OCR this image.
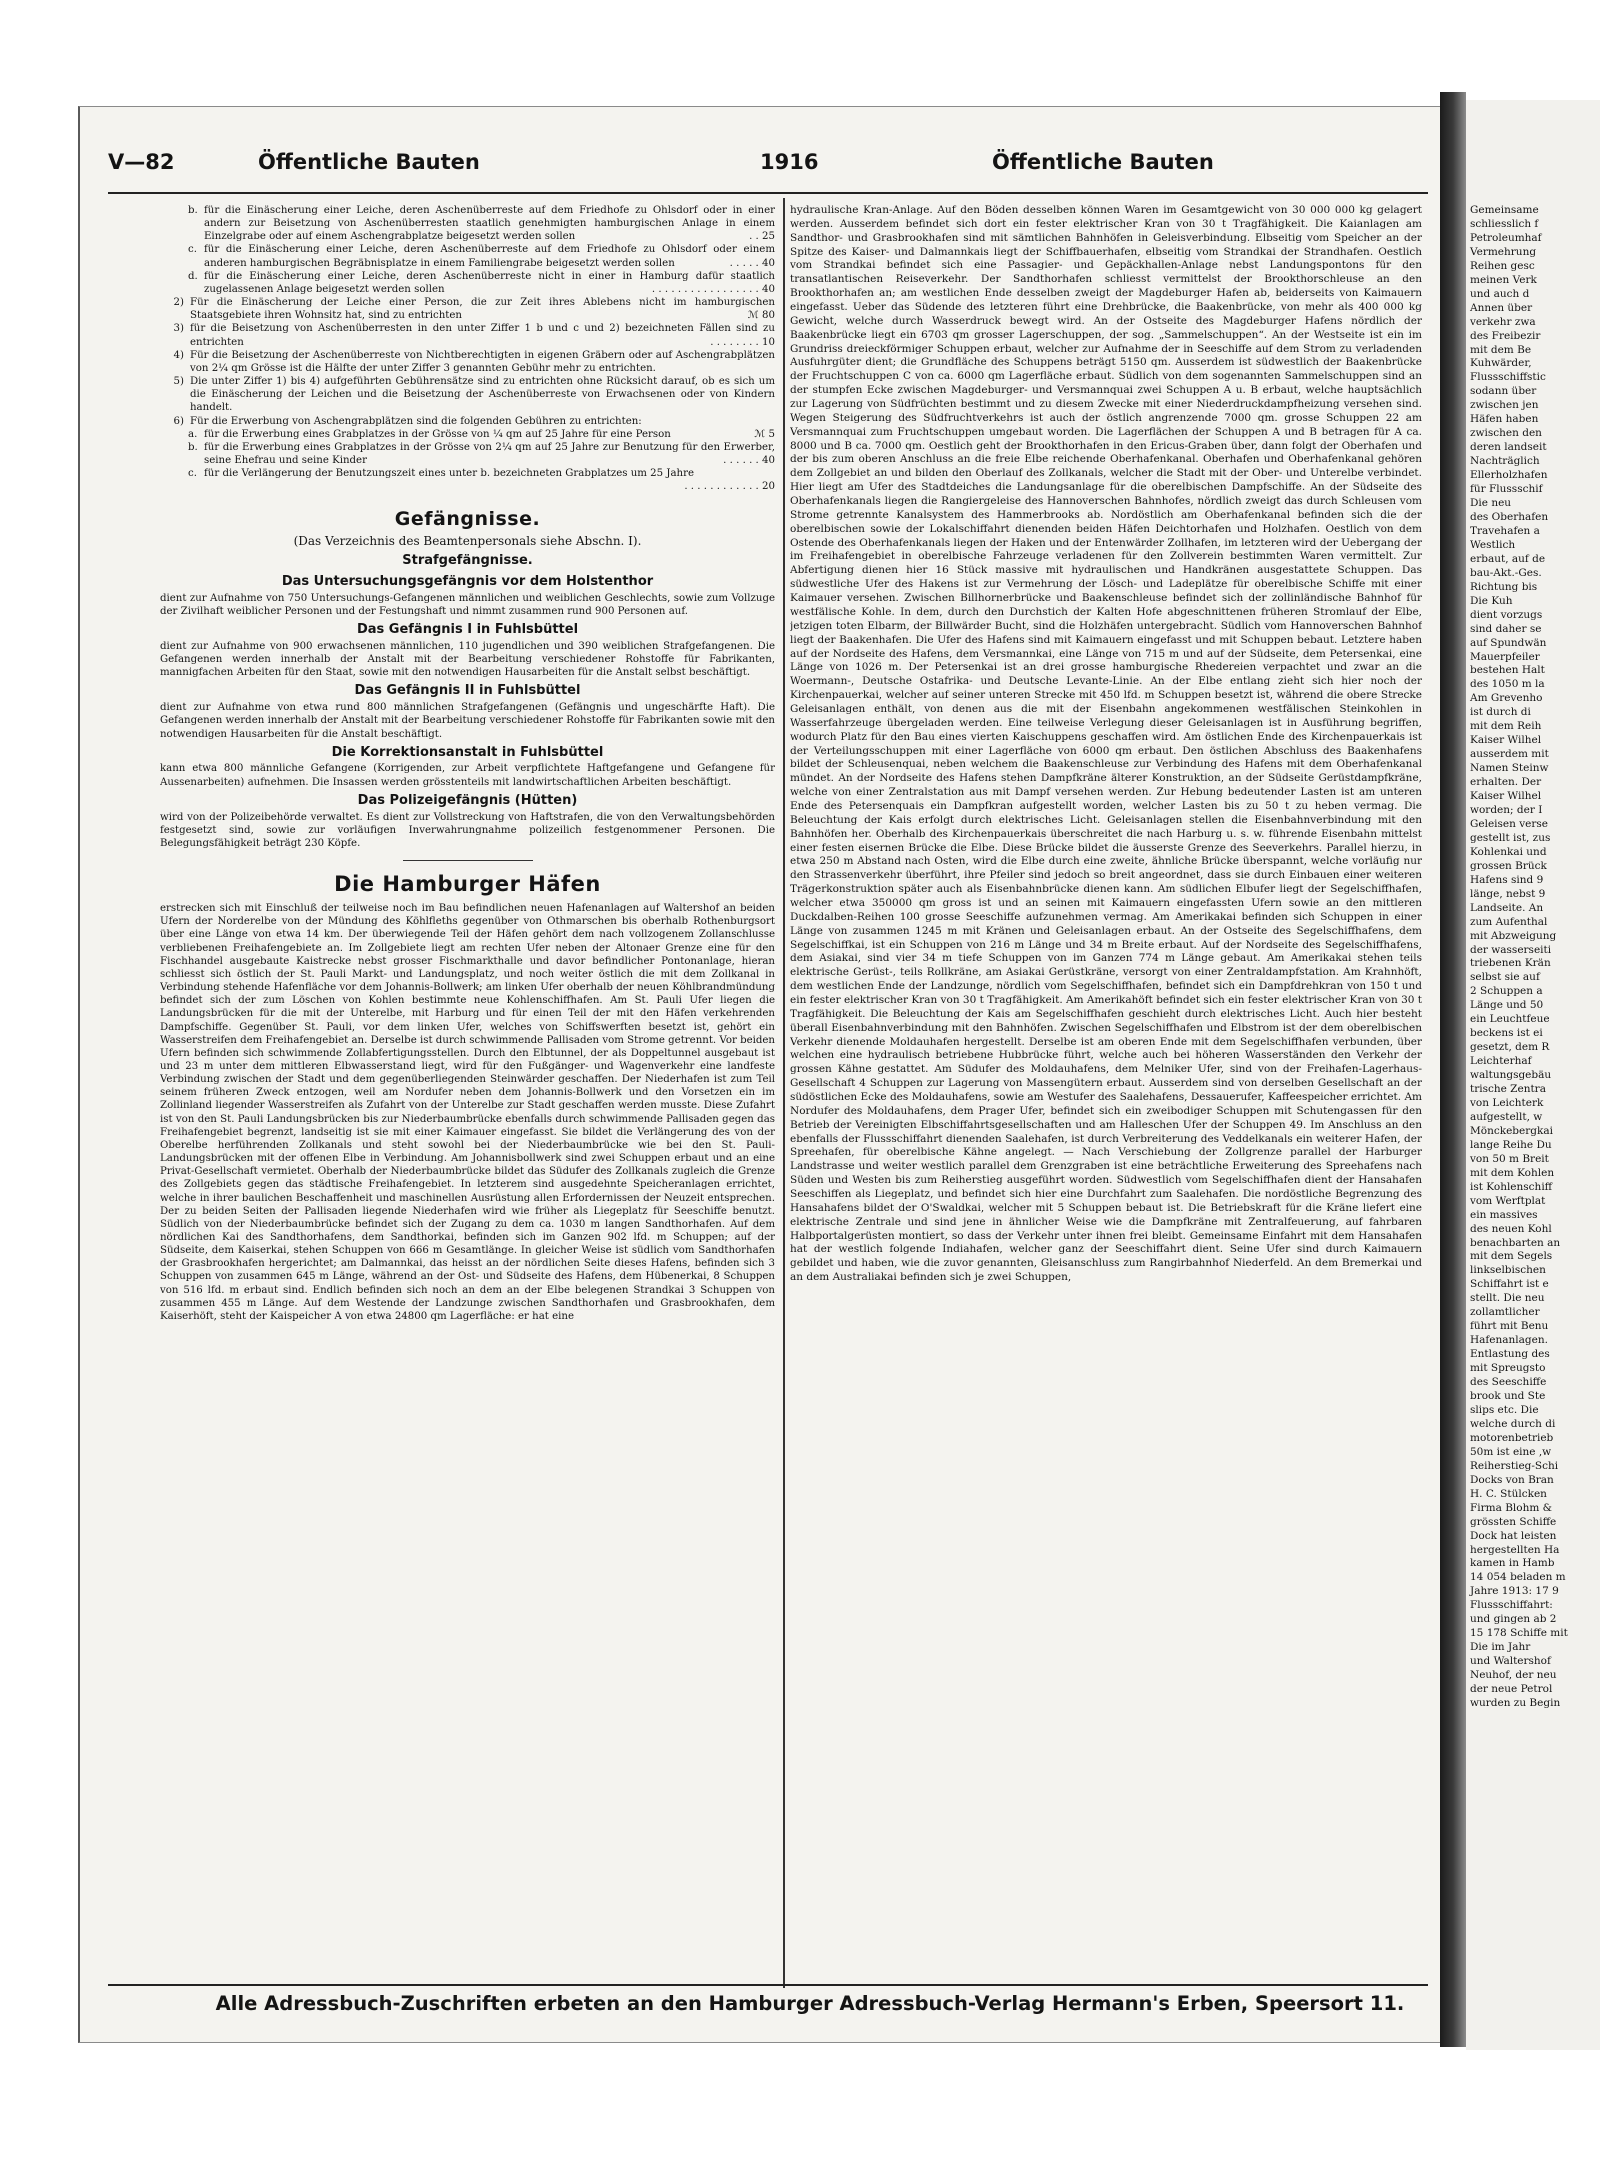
Gemeinsame

schliesslich f

Petroleumhaf

Vermehrung

Reihen gesc

meinen Verk

und auch d

Annen über

verkehr zwa

des Freibezir

mit dem Be

Kuhwärder,

Flussschiffstic

sodann über

zwischen jen

Häfen haben

zwischen den

deren landseit

Nachträglich

Ellerholzhafen

für Flussschif

Die neu

des Oberhafen

Travehafen a

Westlich

erbaut, auf de

bau-Akt.-Ges.

Richtung bis

Die Kuh

dient vorzugs

sind daher se

auf Spundwän

Mauerpfeiler

bestehen Halt

des 1050 m la

Am Grevenho

ist durch di

mit dem Reih

Kaiser Wilhel

ausserdem mit

Namen Steinw

erhalten. Der

Kaiser Wilhel

worden; der I

Geleisen verse

gestellt ist, zus

Kohlenkai und

grossen Brück

Hafens sind 9

länge, nebst 9

Landseite. An

zum Aufenthal

mit Abzweigung

der wasserseiti

triebenen Krän

selbst sie auf

2 Schuppen a

Länge und 50

ein Leuchtfeue

beckens ist ei

gesetzt, dem R

Leichterhaf

waltungsgebäu

trische Zentra

von Leichterk

aufgestellt, w

Mönckebergkai

lange Reihe Du

von 50 m Breit

mit dem Kohlen

ist Kohlenschiff

vom Werftplat

ein massives

des neuen Kohl

benachbarten an

mit dem Segels

linkselbischen

Schiffahrt ist e

stellt. Die neu

zollamtlicher

führt mit Benu

Hafenanlagen.

Entlastung des

mit Spreugsto

des Seeschiffe

brook und Ste

slips etc. Die

welche durch di

motorenbetrieb

50m ist eine ,w

Reiherstieg-Schi

Docks von Bran

H. C. Stülcken

Firma Blohm &

grössten Schiffe

Dock hat leisten

hergestellten Ha

kamen in Hamb

14 054 beladen m

Jahre 1913: 17 9

Flussschiffahrt:

und gingen ab 2

15 178 Schiffe mit

Die im Jahr

und Waltershof

Neuhof, der neu

der neue Petrol

wurden zu Begin

V—82	Öffentliche Bauten	1916	Öffentliche Bauten
b. für die Einäscherung einer Leiche, deren Aschenüberreste auf dem Friedhofe zu Ohlsdorf oder in einer andern zur Beisetzung von Aschenüberresten staatlich genehmigten hamburgischen Anlage in einem Einzelgrabe oder auf einem Aschengrabplatze beigesetzt werden sollen	. . 25
c. für die Einäscherung einer Leiche, deren Aschenüberreste auf dem Friedhofe zu Ohlsdorf oder einem anderen hamburgischen Begräbnisplatze in einem Familiengrabe beigesetzt werden sollen	. . . . . 40
d. für die Einäscherung einer Leiche, deren Aschenüberreste nicht in einer in Hamburg dafür staatlich zugelassenen Anlage beigesetzt werden sollen	. . . . . . . . . . . . . . . . . 40
2) Für die Einäscherung der Leiche einer Person, die zur Zeit ihres Ablebens nicht im hamburgischen Staatsgebiete ihren Wohnsitz hat, sind zu entrichten	ℳ 80
3) für die Beisetzung von Aschenüberresten in den unter Ziffer 1 b und c und 2) bezeichneten Fällen sind zu entrichten	. . . . . . . . 10
4) Für die Beisetzung der Aschenüberreste von Nichtberechtigten in eigenen Gräbern oder auf Aschengrabplätzen von 2¼ qm Grösse ist die Hälfte der unter Ziffer 3 genannten Gebühr mehr zu entrichten.
5) Die unter Ziffer 1) bis 4) aufgeführten Gebührensätze sind zu entrichten ohne Rücksicht darauf, ob es sich um die Einäscherung der Leichen und die Beisetzung der Aschenüberreste von Erwachsenen oder von Kindern handelt.
6) Für die Erwerbung von Aschengrabplätzen sind die folgenden Gebühren zu entrichten:
a. für die Erwerbung eines Grabplatzes in der Grösse von ¼ qm auf 25 Jahre für eine Person	ℳ 5
b. für die Erwerbung eines Grabplatzes in der Grösse von 2¼ qm auf 25 Jahre zur Benutzung für den Erwerber, seine Ehefrau und seine Kinder	. . . . . . 40
c. für die Verlängerung der Benutzungszeit eines unter b. bezeichneten Grabplatzes um 25 Jahre
. . . . . . . . . . . . 20
Gefängnisse.
(Das Verzeichnis des Beamtenpersonals siehe Abschn. I).
Strafgefängnisse.
Das Untersuchungsgefängnis vor dem Holstenthor

dient zur Aufnahme von 750 Untersuchungs-Gefangenen männlichen und weiblichen Geschlechts, sowie zum Vollzuge der Zivilhaft weiblicher Personen und der Festungshaft und nimmt zusammen rund 900 Personen auf.

Das Gefängnis I in Fuhlsbüttel

dient zur Aufnahme von 900 erwachsenen männlichen, 110 jugendlichen und 390 weiblichen Strafgefangenen. Die Gefangenen werden innerhalb der Anstalt mit der Bearbeitung verschiedener Rohstoffe für Fabrikanten, mannigfachen Arbeiten für den Staat, sowie mit den notwendigen Hausarbeiten für die Anstalt selbst beschäftigt.

Das Gefängnis II in Fuhlsbüttel

dient zur Aufnahme von etwa rund 800 männlichen Strafgefangenen (Gefängnis und ungeschärfte Haft). Die Gefangenen werden innerhalb der Anstalt mit der Bearbeitung verschiedener Rohstoffe für Fabrikanten sowie mit den notwendigen Hausarbeiten für die Anstalt beschäftigt.

Die Korrektionsanstalt in Fuhlsbüttel

kann etwa 800 männliche Gefangene (Korrigenden, zur Arbeit verpflichtete Haftgefangene und Gefangene für Aussenarbeiten) aufnehmen. Die Insassen werden grösstenteils mit landwirtschaftlichen Arbeiten beschäftigt.

Das Polizeigefängnis (Hütten)

wird von der Polizeibehörde verwaltet. Es dient zur Vollstreckung von Haftstrafen, die von den Verwaltungsbehörden festgesetzt sind, sowie zur vorläufigen Inverwahrungnahme polizeilich festgenommener Personen. Die Belegungsfähigkeit beträgt 230 Köpfe.

Die Hamburger Häfen

erstrecken sich mit Einschluß der teilweise noch im Bau befindlichen neuen Hafenanlagen auf Waltershof an beiden Ufern der Norderelbe von der Mündung des Köhlfleths gegenüber von Othmarschen bis oberhalb Rothenburgsort über eine Länge von etwa 14 km. Der überwiegende Teil der Häfen gehört dem nach vollzogenem Zollanschlusse verbliebenen Freihafengebiete an. Im Zollgebiete liegt am rechten Ufer neben der Altonaer Grenze eine für den Fischhandel ausgebaute Kaistrecke nebst grosser Fischmarkthalle und davor befindlicher Pontonanlage, hieran schliesst sich östlich der St. Pauli Markt- und Landungsplatz, und noch weiter östlich die mit dem Zollkanal in Verbindung stehende Hafenfläche vor dem Johannis-Bollwerk; am linken Ufer oberhalb der neuen Köhlbrandmündung befindet sich der zum Löschen von Kohlen bestimmte neue Kohlenschiffhafen. Am St. Pauli Ufer liegen die Landungsbrücken für die mit der Unterelbe, mit Harburg und für einen Teil der mit den Häfen verkehrenden Dampfschiffe. Gegenüber St. Pauli, vor dem linken Ufer, welches von Schiffswerften besetzt ist, gehört ein Wasserstreifen dem Freihafengebiet an. Derselbe ist durch schwimmende Pallisaden vom Strome getrennt. Vor beiden Ufern befinden sich schwimmende Zollabfertigungsstellen. Durch den Elbtunnel, der als Doppeltunnel ausgebaut ist und 23 m unter dem mittleren Elbwasserstand liegt, wird für den Fußgänger- und Wagenverkehr eine landfeste Verbindung zwischen der Stadt und dem gegenüberliegenden Steinwärder geschaffen. Der Niederhafen ist zum Teil seinem früheren Zweck entzogen, weil am Nordufer neben dem Johannis-Bollwerk und den Vorsetzen ein im Zollinland liegender Wasserstreifen als Zufahrt von der Unterelbe zur Stadt geschaffen werden musste. Diese Zufahrt ist von den St. Pauli Landungsbrücken bis zur Niederbaumbrücke ebenfalls durch schwimmende Pallisaden gegen das Freihafengebiet begrenzt, landseitig ist sie mit einer Kaimauer eingefasst. Sie bildet die Verlängerung des von der Oberelbe herführenden Zollkanals und steht sowohl bei der Niederbaumbrücke wie bei den St. Pauli-Landungsbrücken mit der offenen Elbe in Verbindung. Am Johannisbollwerk sind zwei Schuppen erbaut und an eine Privat-Gesellschaft vermietet. Oberhalb der Niederbaumbrücke bildet das Südufer des Zollkanals zugleich die Grenze des Zollgebiets gegen das städtische Freihafengebiet. In letzterem sind ausgedehnte Speicheranlagen errichtet, welche in ihrer baulichen Beschaffenheit und maschinellen Ausrüstung allen Erfordernissen der Neuzeit entsprechen. Der zu beiden Seiten der Pallisaden liegende Niederhafen wird wie früher als Liegeplatz für Seeschiffe benutzt. Südlich von der Niederbaumbrücke befindet sich der Zugang zu dem ca. 1030 m langen Sandthorhafen. Auf dem nördlichen Kai des Sandthorhafens, dem Sandthorkai, befinden sich im Ganzen 902 lfd. m Schuppen; auf der Südseite, dem Kaiserkai, stehen Schuppen von 666 m Gesamtlänge. In gleicher Weise ist südlich vom Sandthorhafen der Grasbrookhafen hergerichtet; am Dalmannkai, das heisst an der nördlichen Seite dieses Hafens, befinden sich 3 Schuppen von zusammen 645 m Länge, während an der Ost- und Südseite des Hafens, dem Hübenerkai, 8 Schuppen von 516 lfd. m erbaut sind. Endlich befinden sich noch an dem an der Elbe belegenen Strandkai 3 Schuppen von zusammen 455 m Länge. Auf dem Westende der Landzunge zwischen Sandthorhafen und Grasbrookhafen, dem Kaiserhöft, steht der Kaispeicher A von etwa 24800 qm Lagerfläche: er hat eine

hydraulische Kran-Anlage. Auf den Böden desselben können Waren im Gesamtgewicht von 30 000 000 kg gelagert werden. Ausserdem befindet sich dort ein fester elektrischer Kran von 30 t Tragfähigkeit. Die Kaianlagen am Sandthor- und Grasbrookhafen sind mit sämtlichen Bahnhöfen in Geleisverbindung. Elbseitig vom Speicher an der Spitze des Kaiser- und Dalmannkais liegt der Schiffbauerhafen, elbseitig vom Strandkai der Strandhafen. Oestlich vom Strandkai befindet sich eine Passagier- und Gepäckhallen-Anlage nebst Landungspontons für den transatlantischen Reiseverkehr. Der Sandthorhafen schliesst vermittelst der Brookthorschleuse an den Brookthorhafen an; am westlichen Ende desselben zweigt der Magdeburger Hafen ab, beiderseits von Kaimauern eingefasst. Ueber das Südende des letzteren führt eine Drehbrücke, die Baakenbrücke, von mehr als 400 000 kg Gewicht, welche durch Wasserdruck bewegt wird. An der Ostseite des Magdeburger Hafens nördlich der Baakenbrücke liegt ein 6703 qm grosser Lagerschuppen, der sog. „Sammelschuppen“. An der Westseite ist ein im Grundriss dreieckförmiger Schuppen erbaut, welcher zur Aufnahme der in Seeschiffe auf dem Strom zu verladenden Ausfuhrgüter dient; die Grundfläche des Schuppens beträgt 5150 qm. Ausserdem ist südwestlich der Baakenbrücke der Fruchtschuppen C von ca. 6000 qm Lagerfläche erbaut. Südlich von dem sogenannten Sammelschuppen sind an der stumpfen Ecke zwischen Magdeburger- und Versmannquai zwei Schuppen A u. B erbaut, welche hauptsächlich zur Lagerung von Südfrüchten bestimmt und zu diesem Zwecke mit einer Niederdruckdampfheizung versehen sind. Wegen Steigerung des Südfruchtverkehrs ist auch der östlich angrenzende 7000 qm. grosse Schuppen 22 am Versmannquai zum Fruchtschuppen umgebaut worden. Die Lagerflächen der Schuppen A und B betragen für A ca. 8000 und B ca. 7000 qm. Oestlich geht der Brookthorhafen in den Ericus-Graben über, dann folgt der Oberhafen und der bis zum oberen Anschluss an die freie Elbe reichende Oberhafenkanal. Oberhafen und Oberhafenkanal gehören dem Zollgebiet an und bilden den Oberlauf des Zollkanals, welcher die Stadt mit der Ober- und Unterelbe verbindet. Hier liegt am Ufer des Stadtdeiches die Landungsanlage für die oberelbischen Dampfschiffe. An der Südseite des Oberhafenkanals liegen die Rangiergeleise des Hannoverschen Bahnhofes, nördlich zweigt das durch Schleusen vom Strome getrennte Kanalsystem des Hammerbrooks ab. Nordöstlich am Oberhafenkanal befinden sich die der oberelbischen sowie der Lokalschiffahrt dienenden beiden Häfen Deichtorhafen und Holzhafen. Oestlich von dem Ostende des Oberhafenkanals liegen der Haken und der Entenwärder Zollhafen, im letzteren wird der Uebergang der im Freihafengebiet in oberelbische Fahrzeuge verladenen für den Zollverein bestimmten Waren vermittelt. Zur Abfertigung dienen hier 16 Stück massive mit hydraulischen und Handkränen ausgestattete Schuppen. Das südwestliche Ufer des Hakens ist zur Vermehrung der Lösch- und Ladeplätze für oberelbische Schiffe mit einer Kaimauer versehen. Zwischen Billhornerbrücke und Baakenschleuse befindet sich der zollinländische Bahnhof für westfälische Kohle. In dem, durch den Durchstich der Kalten Hofe abgeschnittenen früheren Stromlauf der Elbe, jetzigen toten Elbarm, der Billwärder Bucht, sind die Holzhäfen untergebracht. Südlich vom Hannoverschen Bahnhof liegt der Baakenhafen. Die Ufer des Hafens sind mit Kaimauern eingefasst und mit Schuppen bebaut. Letztere haben auf der Nordseite des Hafens, dem Versmannkai, eine Länge von 715 m und auf der Südseite, dem Petersenkai, eine Länge von 1026 m. Der Petersenkai ist an drei grosse hamburgische Rhedereien verpachtet und zwar an die Woermann-, Deutsche Ostafrika- und Deutsche Levante-Linie. An der Elbe entlang zieht sich hier noch der Kirchenpauerkai, welcher auf seiner unteren Strecke mit 450 lfd. m Schuppen besetzt ist, während die obere Strecke Geleisanlagen enthält, von denen aus die mit der Eisenbahn angekommenen westfälischen Steinkohlen in Wasserfahrzeuge übergeladen werden. Eine teilweise Verlegung dieser Geleisanlagen ist in Ausführung begriffen, wodurch Platz für den Bau eines vierten Kaischuppens geschaffen wird. Am östlichen Ende des Kirchenpauerkais ist der Verteilungsschuppen mit einer Lagerfläche von 6000 qm erbaut. Den östlichen Abschluss des Baakenhafens bildet der Schleusenquai, neben welchem die Baakenschleuse zur Verbindung des Hafens mit dem Oberhafenkanal mündet. An der Nordseite des Hafens stehen Dampfkräne älterer Konstruktion, an der Südseite Gerüstdampfkräne, welche von einer Zentralstation aus mit Dampf versehen werden. Zur Hebung bedeutender Lasten ist am unteren Ende des Petersenquais ein Dampfkran aufgestellt worden, welcher Lasten bis zu 50 t zu heben vermag. Die Beleuchtung der Kais erfolgt durch elektrisches Licht. Geleisanlagen stellen die Eisenbahnverbindung mit den Bahnhöfen her. Oberhalb des Kirchenpauerkais überschreitet die nach Harburg u. s. w. führende Eisenbahn mittelst einer festen eisernen Brücke die Elbe. Diese Brücke bildet die äusserste Grenze des Seeverkehrs. Parallel hierzu, in etwa 250 m Abstand nach Osten, wird die Elbe durch eine zweite, ähnliche Brücke überspannt, welche vorläufig nur den Strassenverkehr überführt, ihre Pfeiler sind jedoch so breit angeordnet, dass sie durch Einbauen einer weiteren Trägerkonstruktion später auch als Eisenbahnbrücke dienen kann. Am südlichen Elbufer liegt der Segelschiffhafen, welcher etwa 350000 qm gross ist und an seinen mit Kaimauern eingefassten Ufern sowie an den mittleren Duckdalben-Reihen 100 grosse Seeschiffe aufzunehmen vermag. Am Amerikakai befinden sich Schuppen in einer Länge von zusammen 1245 m mit Kränen und Geleisanlagen erbaut. An der Ostseite des Segelschiffhafens, dem Segelschiffkai, ist ein Schuppen von 216 m Länge und 34 m Breite erbaut. Auf der Nordseite des Segelschiffhafens, dem Asiakai, sind vier 34 m tiefe Schuppen von im Ganzen 774 m Länge gebaut. Am Amerikakai stehen teils elektrische Gerüst-, teils Rollkräne, am Asiakai Gerüstkräne, versorgt von einer Zentraldampfstation. Am Krahnhöft, dem westlichen Ende der Landzunge, nördlich vom Segelschiffhafen, befindet sich ein Dampfdrehkran von 150 t und ein fester elektrischer Kran von 30 t Tragfähigkeit. Am Amerikahöft befindet sich ein fester elektrischer Kran von 30 t Tragfähigkeit. Die Beleuchtung der Kais am Segelschiffhafen geschieht durch elektrisches Licht. Auch hier besteht überall Eisenbahnverbindung mit den Bahnhöfen. Zwischen Segelschiffhafen und Elbstrom ist der dem oberelbischen Verkehr dienende Moldauhafen hergestellt. Derselbe ist am oberen Ende mit dem Segelschiffhafen verbunden, über welchen eine hydraulisch betriebene Hubbrücke führt, welche auch bei höheren Wasserständen den Verkehr der grossen Kähne gestattet. Am Südufer des Moldauhafens, dem Melniker Ufer, sind von der Freihafen-Lagerhaus-Gesellschaft 4 Schuppen zur Lagerung von Massengütern erbaut. Ausserdem sind von derselben Gesellschaft an der südöstlichen Ecke des Moldauhafens, sowie am Westufer des Saalehafens, Dessauerufer, Kaffeespeicher errichtet. Am Nordufer des Moldauhafens, dem Prager Ufer, befindet sich ein zweibodiger Schuppen mit Schutengassen für den Betrieb der Vereinigten Elbschiffahrtsgesellschaften und am Halleschen Ufer der Schuppen 49. Im Anschluss an den ebenfalls der Flussschiffahrt dienenden Saalehafen, ist durch Verbreiterung des Veddelkanals ein weiterer Hafen, der Spreehafen, für oberelbische Kähne angelegt. — Nach Verschiebung der Zollgrenze parallel der Harburger Landstrasse und weiter westlich parallel dem Grenzgraben ist eine beträchtliche Erweiterung des Spreehafens nach Süden und Westen bis zum Reiherstieg ausgeführt worden. Südwestlich vom Segelschiffhafen dient der Hansahafen Seeschiffen als Liegeplatz, und befindet sich hier eine Durchfahrt zum Saalehafen. Die nordöstliche Begrenzung des Hansahafens bildet der O'Swaldkai, welcher mit 5 Schuppen bebaut ist. Die Betriebskraft für die Kräne liefert eine elektrische Zentrale und sind jene in ähnlicher Weise wie die Dampfkräne mit Zentralfeuerung, auf fahrbaren Halbportalgerüsten montiert, so dass der Verkehr unter ihnen frei bleibt. Gemeinsame Einfahrt mit dem Hansahafen hat der westlich folgende Indiahafen, welcher ganz der Seeschiffahrt dient. Seine Ufer sind durch Kaimauern gebildet und haben, wie die zuvor genannten, Gleisanschluss zum Rangirbahnhof Niederfeld. An dem Bremerkai und an dem Australiakai befinden sich je zwei Schuppen,

Alle Adressbuch-Zuschriften erbeten an den Hamburger Adressbuch-Verlag Hermann's Erben, Speersort 11.
